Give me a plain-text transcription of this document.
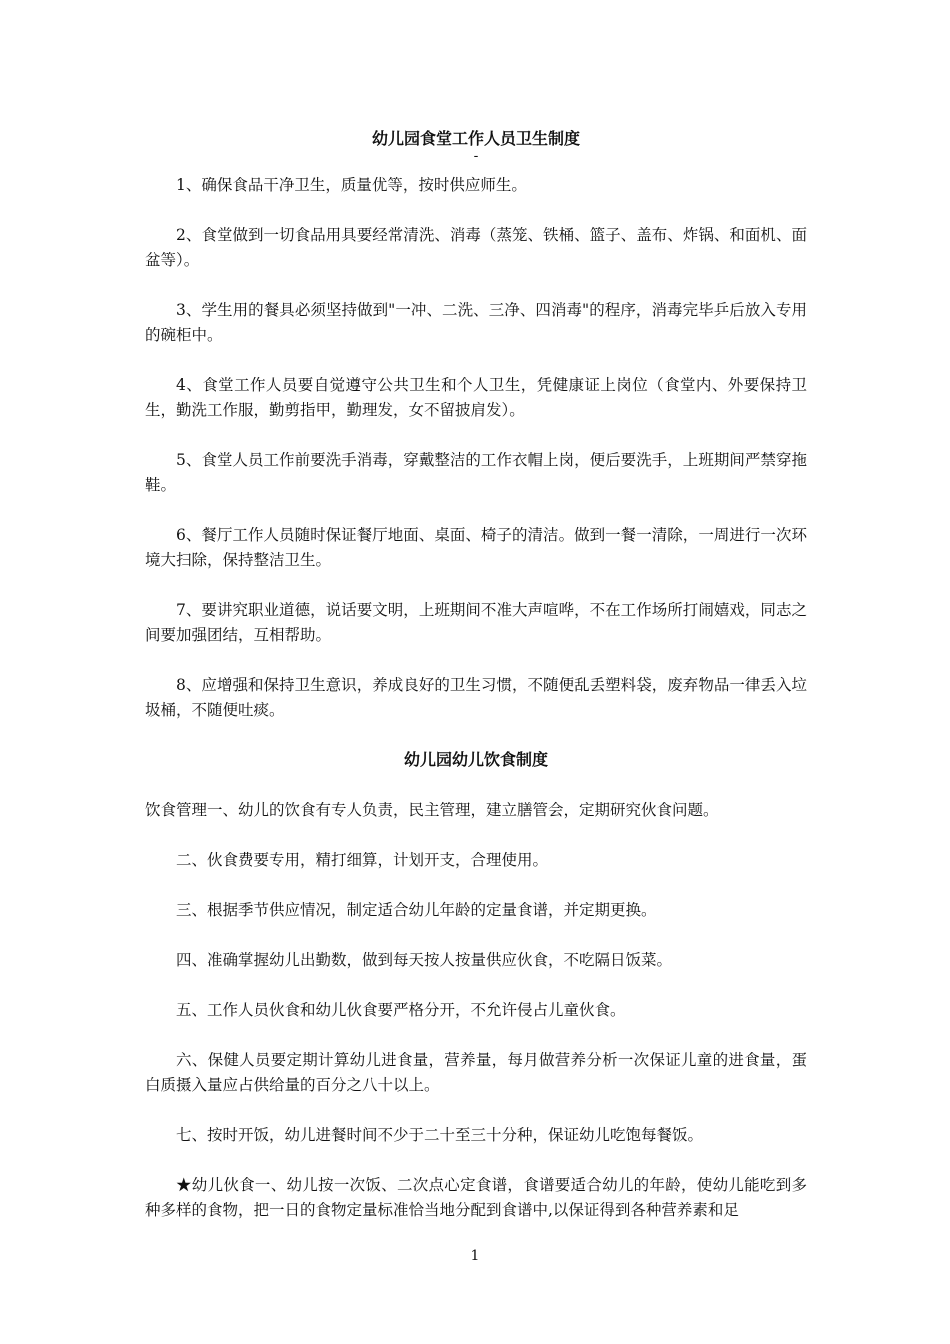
幼儿园食堂工作人员卫生制度
-

1、确保食品干净卫生，质量优等，按时供应师生。

2、食堂做到一切食品用具要经常清洗、消毒（蒸笼、铁桶、篮子、盖布、炸锅、和面机、面盆等）。

3、学生用的餐具必须坚持做到"一冲、二洗、三净、四消毒"的程序，消毒完毕乒后放入专用的碗柜中。

4、食堂工作人员要自觉遵守公共卫生和个人卫生，凭健康证上岗位（食堂内、外要保持卫生，勤洗工作服，勤剪指甲，勤理发，女不留披肩发）。

5、食堂人员工作前要洗手消毒，穿戴整洁的工作衣帽上岗，便后要洗手，上班期间严禁穿拖鞋。

6、餐厅工作人员随时保证餐厅地面、桌面、椅子的清洁。做到一餐一清除，一周进行一次环境大扫除，保持整洁卫生。

7、要讲究职业道德，说话要文明，上班期间不准大声喧哗，不在工作场所打闹嬉戏，同志之间要加强团结，互相帮助。

8、应增强和保持卫生意识，养成良好的卫生习惯，不随便乱丢塑料袋，废弃物品一律丢入垃圾桶，不随便吐痰。

幼儿园幼儿饮食制度

饮食管理一、幼儿的饮食有专人负责，民主管理，建立膳管会，定期研究伙食问题。

二、伙食费要专用，精打细算，计划开支，合理使用。

三、根据季节供应情况，制定适合幼儿年龄的定量食谱，并定期更换。

四、准确掌握幼儿出勤数，做到每天按人按量供应伙食，不吃隔日饭菜。

五、工作人员伙食和幼儿伙食要严格分开，不允许侵占儿童伙食。

六、保健人员要定期计算幼儿进食量，营养量，每月做营养分析一次保证儿童的进食量，蛋白质摄入量应占供给量的百分之八十以上。

七、按时开饭，幼儿进餐时间不少于二十至三十分种，保证幼儿吃饱每餐饭。

★幼儿伙食一、幼儿按一次饭、二次点心定食谱，食谱要适合幼儿的年龄，使幼儿能吃到多种多样的食物，把一日的食物定量标准恰当地分配到食谱中,以保证得到各种营养素和足

1
